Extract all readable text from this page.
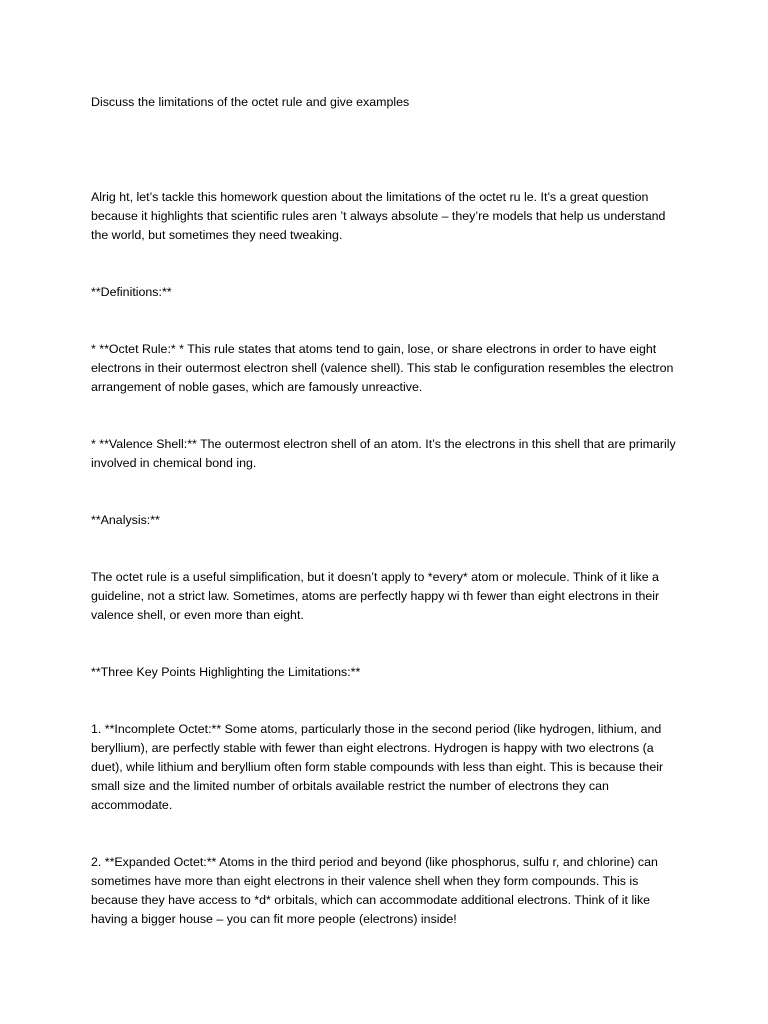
Discuss the limitations of the octet rule and give examples

Alrig ht, let’s tackle this homework question about the limitations of the octet ru le. It’s a great question because it highlights that scientific rules aren ’t always absolute – they’re models that help us understand the world, but sometimes they need tweaking.

**Definitions:**

* **Octet Rule:* * This rule states that atoms tend to gain, lose, or share electrons in order to have eight electrons in their outermost electron shell (valence shell). This stab le configuration resembles the electron arrangement of noble gases, which are famously unreactive.

* **Valence Shell:** The outermost electron shell of an atom. It’s the electrons in this shell that are primarily involved in chemical bond ing.

**Analysis:**

The octet rule is a useful simplification, but it doesn’t apply to *every* atom or molecule. Think of it like a guideline, not a strict law. Sometimes, atoms are perfectly happy wi th fewer than eight electrons in their valence shell, or even more than eight.

**Three Key Points Highlighting the Limitations:**

1. **Incomplete Octet:** Some atoms, particularly those in the second period (like hydrogen, lithium, and beryllium), are perfectly stable with fewer than eight electrons. Hydrogen is happy with two electrons (a duet), while lithium and beryllium often form stable compounds with less than eight. This is because their small size and the limited number of orbitals available restrict the number of electrons they can accommodate.

2. **Expanded Octet:** Atoms in the third period and beyond (like phosphorus, sulfu r, and chlorine) can sometimes have more than eight electrons in their valence shell when they form compounds. This is because they have access to *d* orbitals, which can accommodate additional electrons. Think of it like having a bigger house – you can fit more people (electrons) inside!
